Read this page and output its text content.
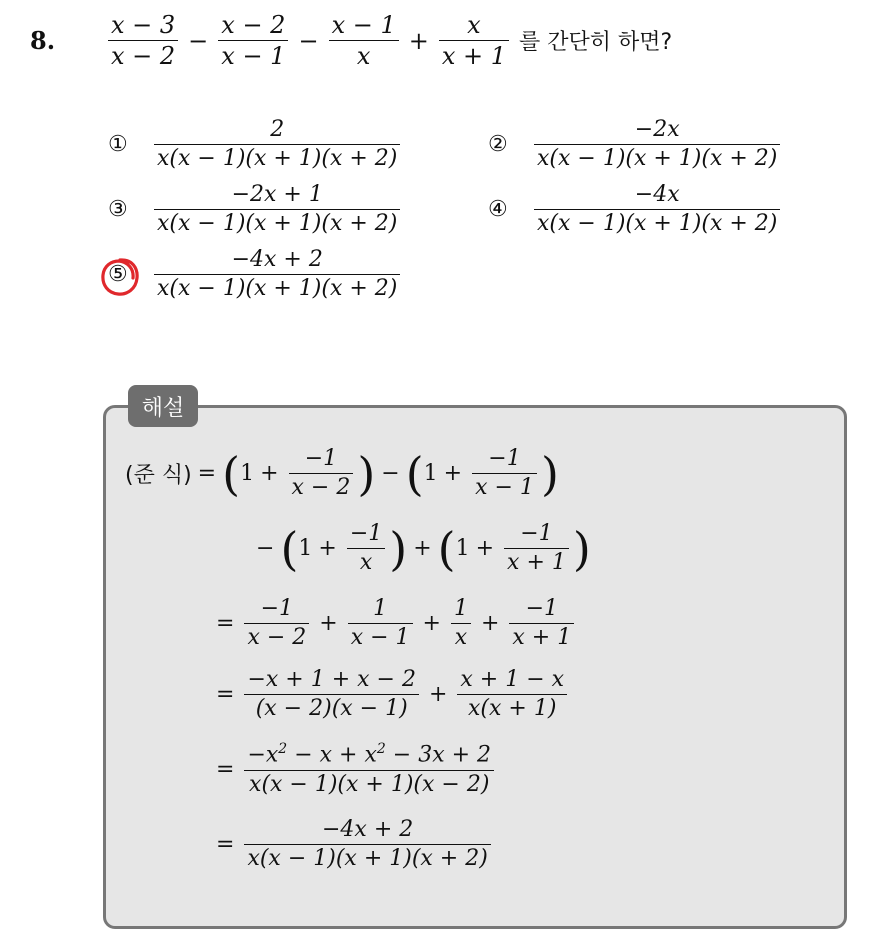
8.	$\frac{x - 3}{x - 2} - \frac{x - 2}{x - 1} - \frac{x - 1}{x} + \frac{x}{x + 1}$ 를 간단히 하면?
①	$\frac{2}{x(x - 1)(x + 1)(x + 2)}$	②	$\frac{-2x}{x(x - 1)(x + 1)(x + 2)}$
③	$\frac{-2x + 1}{x(x - 1)(x + 1)(x + 2)}$	④	$\frac{-4x}{x(x - 1)(x + 1)(x + 2)}$
⑤	$\frac{-4x + 2}{x(x - 1)(x + 1)(x + 2)}$
해설
(준 식) = ( $1 + \frac{-1}{x - 2}$ ) − ( $1 + \frac{-1}{x - 1}$ )
− ( $1 + \frac{-1}{x}$ ) + ( $1 + \frac{-1}{x + 1}$ )
= $\frac{-1}{x - 2} + \frac{1}{x - 1} + \frac{1}{x} + \frac{-1}{x + 1}$
= $\frac{-x + 1 + x - 2}{(x - 2)(x - 1)} + \frac{x + 1 - x}{x(x + 1)}$
= $\frac{-x^2 - x + x^2 - 3x + 2}{x(x - 1)(x + 1)(x - 2)}$
= $\frac{-4x + 2}{x(x - 1)(x + 1)(x + 2)}$
